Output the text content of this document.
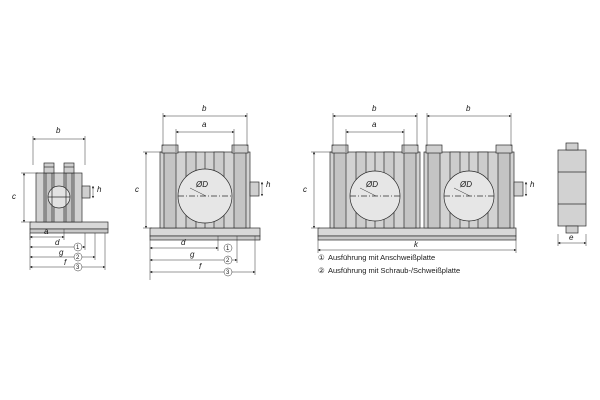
b
c
h
a
d
g
f
1
2
3
b
a
c
h
ØD
d
g
f
1
2
3
b
a
b
c
h
ØD	ØD
k
e
① Ausführung mit Anschweißplatte
② Ausführung mit Schraub-/Schweißplatte
